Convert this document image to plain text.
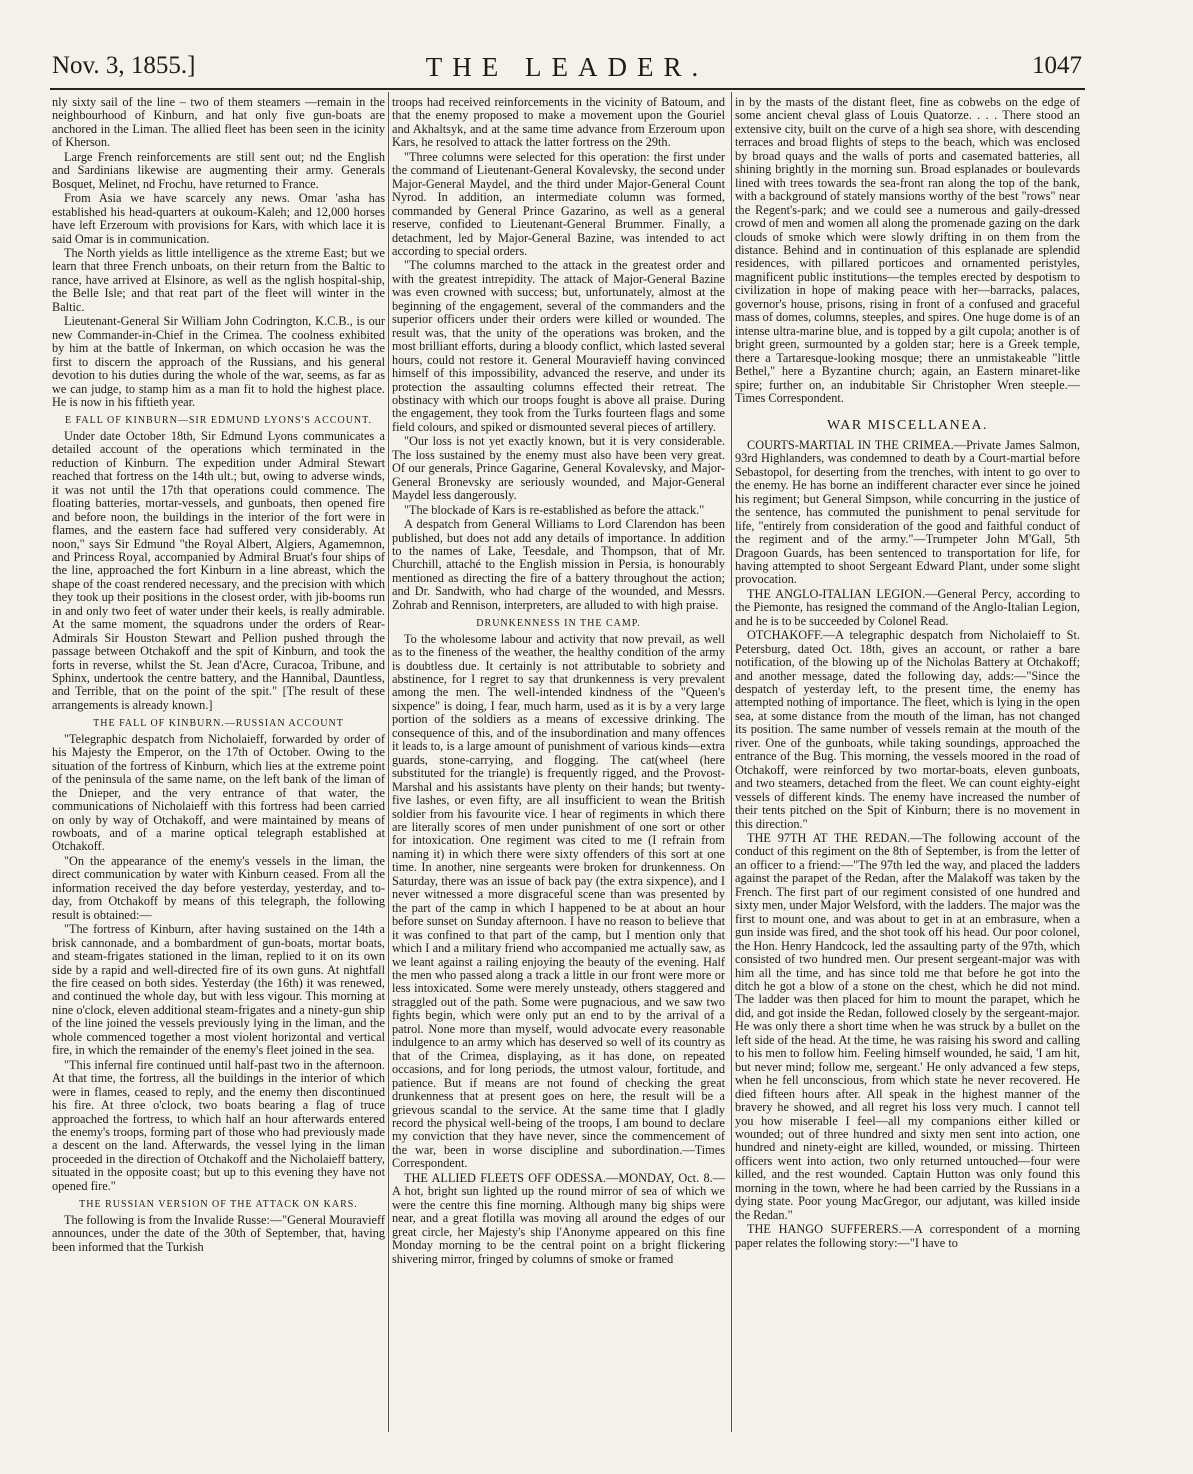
Nov. 3, 1855.]	THE LEADER.	1047

nly sixty sail of the line – two of them steamers —remain in the neighbourhood of Kinburn, and hat only five gun-boats are anchored in the Liman. The allied fleet has been seen in the icinity of Kherson.

Large French reinforcements are still sent out; nd the English and Sardinians likewise are augmenting their army. Generals Bosquet, Melinet, nd Frochu, have returned to France.

From Asia we have scarcely any news. Omar 'asha has established his head-quarters at oukoum-Kaleh; and 12,000 horses have left Erzeroum with provisions for Kars, with which lace it is said Omar is in communication.

The North yields as little intelligence as the xtreme East; but we learn that three French unboats, on their return from the Baltic to rance, have arrived at Elsinore, as well as the nglish hospital-ship, the Belle Isle; and that reat part of the fleet will winter in the Baltic.

Lieutenant-General Sir William John Codrington, K.C.B., is our new Commander-in-Chief in the Crimea. The coolness exhibited by him at the battle of Inkerman, on which occasion he was the first to discern the approach of the Russians, and his general devotion to his duties during the whole of the war, seems, as far as we can judge, to stamp him as a man fit to hold the highest place. He is now in his fiftieth year.

E FALL OF KINBURN—SIR EDMUND LYONS'S ACCOUNT.

Under date October 18th, Sir Edmund Lyons communicates a detailed account of the operations which terminated in the reduction of Kinburn. The expedition under Admiral Stewart reached that fortress on the 14th ult.; but, owing to adverse winds, it was not until the 17th that operations could commence. The floating batteries, mortar-vessels, and gunboats, then opened fire and before noon, the buildings in the interior of the fort were in flames, and the eastern face had suffered very considerably. At noon," says Sir Edmund "the Royal Albert, Algiers, Agamemnon, and Princess Royal, accompanied by Admiral Bruat's four ships of the line, approached the fort Kinburn in a line abreast, which the shape of the coast rendered necessary, and the precision with which they took up their positions in the closest order, with jib-booms run in and only two feet of water under their keels, is really admirable. At the same moment, the squadrons under the orders of Rear-Admirals Sir Houston Stewart and Pellion pushed through the passage between Otchakoff and the spit of Kinburn, and took the forts in reverse, whilst the St. Jean d'Acre, Curacoa, Tribune, and Sphinx, undertook the centre battery, and the Hannibal, Dauntless, and Terrible, that on the point of the spit." [The result of these arrangements is already known.]

THE FALL OF KINBURN.—RUSSIAN ACCOUNT

"Telegraphic despatch from Nicholaieff, forwarded by order of his Majesty the Emperor, on the 17th of October. Owing to the situation of the fortress of Kinburn, which lies at the extreme point of the peninsula of the same name, on the left bank of the liman of the Dnieper, and the very entrance of that water, the communications of Nicholaieff with this fortress had been carried on only by way of Otchakoff, and were maintained by means of rowboats, and of a marine optical telegraph established at Otchakoff.

"On the appearance of the enemy's vessels in the liman, the direct communication by water with Kinburn ceased. From all the information received the day before yesterday, yesterday, and to-day, from Otchakoff by means of this telegraph, the following result is obtained:—

"The fortress of Kinburn, after having sustained on the 14th a brisk cannonade, and a bombardment of gun-boats, mortar boats, and steam-frigates stationed in the liman, replied to it on its own side by a rapid and well-directed fire of its own guns. At nightfall the fire ceased on both sides. Yesterday (the 16th) it was renewed, and continued the whole day, but with less vigour. This morning at nine o'clock, eleven additional steam-frigates and a ninety-gun ship of the line joined the vessels previously lying in the liman, and the whole commenced together a most violent horizontal and vertical fire, in which the remainder of the enemy's fleet joined in the sea.

"This infernal fire continued until half-past two in the afternoon. At that time, the fortress, all the buildings in the interior of which were in flames, ceased to reply, and the enemy then discontinued his fire. At three o'clock, two boats bearing a flag of truce approached the fortress, to which half an hour afterwards entered the enemy's troops, forming part of those who had previously made a descent on the land. Afterwards, the vessel lying in the liman proceeded in the direction of Otchakoff and the Nicholaieff battery, situated in the opposite coast; but up to this evening they have not opened fire."

THE RUSSIAN VERSION OF THE ATTACK ON KARS.

The following is from the Invalide Russe:—"General Mouravieff announces, under the date of the 30th of September, that, having been informed that the Turkish

troops had received reinforcements in the vicinity of Batoum, and that the enemy proposed to make a movement upon the Gouriel and Akhaltsyk, and at the same time advance from Erzeroum upon Kars, he resolved to attack the latter fortress on the 29th.

"Three columns were selected for this operation: the first under the command of Lieutenant-General Kovalevsky, the second under Major-General Maydel, and the third under Major-General Count Nyrod. In addition, an intermediate column was formed, commanded by General Prince Gazarino, as well as a general reserve, confided to Lieutenant-General Brummer. Finally, a detachment, led by Major-General Bazine, was intended to act according to special orders.

"The columns marched to the attack in the greatest order and with the greatest intrepidity. The attack of Major-General Bazine was even crowned with success; but, unfortunately, almost at the beginning of the engagement, several of the commanders and the superior officers under their orders were killed or wounded. The result was, that the unity of the operations was broken, and the most brilliant efforts, during a bloody conflict, which lasted several hours, could not restore it. General Mouravieff having convinced himself of this impossibility, advanced the reserve, and under its protection the assaulting columns effected their retreat. The obstinacy with which our troops fought is above all praise. During the engagement, they took from the Turks fourteen flags and some field colours, and spiked or dismounted several pieces of artillery.

"Our loss is not yet exactly known, but it is very considerable. The loss sustained by the enemy must also have been very great. Of our generals, Prince Gagarine, General Kovalevsky, and Major-General Bronevsky are seriously wounded, and Major-General Maydel less dangerously.

"The blockade of Kars is re-established as before the attack."

A despatch from General Williams to Lord Clarendon has been published, but does not add any details of importance. In addition to the names of Lake, Teesdale, and Thompson, that of Mr. Churchill, attaché to the English mission in Persia, is honourably mentioned as directing the fire of a battery throughout the action; and Dr. Sandwith, who had charge of the wounded, and Messrs. Zohrab and Rennison, interpreters, are alluded to with high praise.

DRUNKENNESS IN THE CAMP.

To the wholesome labour and activity that now prevail, as well as to the fineness of the weather, the healthy condition of the army is doubtless due. It certainly is not attributable to sobriety and abstinence, for I regret to say that drunkenness is very prevalent among the men. The well-intended kindness of the "Queen's sixpence" is doing, I fear, much harm, used as it is by a very large portion of the soldiers as a means of excessive drinking. The consequence of this, and of the insubordination and many offences it leads to, is a large amount of punishment of various kinds—extra guards, stone-carrying, and flogging. The cat(wheel (here substituted for the triangle) is frequently rigged, and the Provost-Marshal and his assistants have plenty on their hands; but twenty-five lashes, or even fifty, are all insufficient to wean the British soldier from his favourite vice. I hear of regiments in which there are literally scores of men under punishment of one sort or other for intoxication. One regiment was cited to me (I refrain from naming it) in which there were sixty offenders of this sort at one time. In another, nine sergeants were broken for drunkenness. On Saturday, there was an issue of back pay (the extra sixpence), and I never witnessed a more disgraceful scene than was presented by the part of the camp in which I happened to be at about an hour before sunset on Sunday afternoon. I have no reason to believe that it was confined to that part of the camp, but I mention only that which I and a military friend who accompanied me actually saw, as we leant against a railing enjoying the beauty of the evening. Half the men who passed along a track a little in our front were more or less intoxicated. Some were merely unsteady, others staggered and straggled out of the path. Some were pugnacious, and we saw two fights begin, which were only put an end to by the arrival of a patrol. None more than myself, would advocate every reasonable indulgence to an army which has deserved so well of its country as that of the Crimea, displaying, as it has done, on repeated occasions, and for long periods, the utmost valour, fortitude, and patience. But if means are not found of checking the great drunkenness that at present goes on here, the result will be a grievous scandal to the service. At the same time that I gladly record the physical well-being of the troops, I am bound to declare my conviction that they have never, since the commencement of the war, been in worse discipline and subordination.—Times Correspondent.

THE ALLIED FLEETS OFF ODESSA.—MONDAY, Oct. 8.—A hot, bright sun lighted up the round mirror of sea of which we were the centre this fine morning. Although many big ships were near, and a great flotilla was moving all around the edges of our great circle, her Majesty's ship l'Anonyme appeared on this fine Monday morning to be the central point on a bright flickering shivering mirror, fringed by columns of smoke or framed

in by the masts of the distant fleet, fine as cobwebs on the edge of some ancient cheval glass of Louis Quatorze. . . . There stood an extensive city, built on the curve of a high sea shore, with descending terraces and broad flights of steps to the beach, which was enclosed by broad quays and the walls of ports and casemated batteries, all shining brightly in the morning sun. Broad esplanades or boulevards lined with trees towards the sea-front ran along the top of the bank, with a background of stately mansions worthy of the best "rows" near the Regent's-park; and we could see a numerous and gaily-dressed crowd of men and women all along the promenade gazing on the dark clouds of smoke which were slowly drifting in on them from the distance. Behind and in continuation of this esplanade are splendid residences, with pillared porticoes and ornamented peristyles, magnificent public institutions—the temples erected by despotism to civilization in hope of making peace with her—barracks, palaces, governor's house, prisons, rising in front of a confused and graceful mass of domes, columns, steeples, and spires. One huge dome is of an intense ultra-marine blue, and is topped by a gilt cupola; another is of bright green, surmounted by a golden star; here is a Greek temple, there a Tartaresque-looking mosque; there an unmistakeable "little Bethel," here a Byzantine church; again, an Eastern minaret-like spire; further on, an indubitable Sir Christopher Wren steeple.—Times Correspondent.

WAR MISCELLANEA.

COURTS-MARTIAL IN THE CRIMEA.—Private James Salmon, 93rd Highlanders, was condemned to death by a Court-martial before Sebastopol, for deserting from the trenches, with intent to go over to the enemy. He has borne an indifferent character ever since he joined his regiment; but General Simpson, while concurring in the justice of the sentence, has commuted the punishment to penal servitude for life, "entirely from consideration of the good and faithful conduct of the regiment and of the army."—Trumpeter John M'Gall, 5th Dragoon Guards, has been sentenced to transportation for life, for having attempted to shoot Sergeant Edward Plant, under some slight provocation.

THE ANGLO-ITALIAN LEGION.—General Percy, according to the Piemonte, has resigned the command of the Anglo-Italian Legion, and he is to be succeeded by Colonel Read.

OTCHAKOFF.—A telegraphic despatch from Nicholaieff to St. Petersburg, dated Oct. 18th, gives an account, or rather a bare notification, of the blowing up of the Nicholas Battery at Otchakoff; and another message, dated the following day, adds:—"Since the despatch of yesterday left, to the present time, the enemy has attempted nothing of importance. The fleet, which is lying in the open sea, at some distance from the mouth of the liman, has not changed its position. The same number of vessels remain at the mouth of the river. One of the gunboats, while taking soundings, approached the entrance of the Bug. This morning, the vessels moored in the road of Otchakoff, were reinforced by two mortar-boats, eleven gunboats, and two steamers, detached from the fleet. We can count eighty-eight vessels of different kinds. The enemy have increased the number of their tents pitched on the Spit of Kinburn; there is no movement in this direction."

THE 97TH AT THE REDAN.—The following account of the conduct of this regiment on the 8th of September, is from the letter of an officer to a friend:—"The 97th led the way, and placed the ladders against the parapet of the Redan, after the Malakoff was taken by the French. The first part of our regiment consisted of one hundred and sixty men, under Major Welsford, with the ladders. The major was the first to mount one, and was about to get in at an embrasure, when a gun inside was fired, and the shot took off his head. Our poor colonel, the Hon. Henry Handcock, led the assaulting party of the 97th, which consisted of two hundred men. Our present sergeant-major was with him all the time, and has since told me that before he got into the ditch he got a blow of a stone on the chest, which he did not mind. The ladder was then placed for him to mount the parapet, which he did, and got inside the Redan, followed closely by the sergeant-major. He was only there a short time when he was struck by a bullet on the left side of the head. At the time, he was raising his sword and calling to his men to follow him. Feeling himself wounded, he said, 'I am hit, but never mind; follow me, sergeant.' He only advanced a few steps, when he fell unconscious, from which state he never recovered. He died fifteen hours after. All speak in the highest manner of the bravery he showed, and all regret his loss very much. I cannot tell you how miserable I feel—all my companions either killed or wounded; out of three hundred and sixty men sent into action, one hundred and ninety-eight are killed, wounded, or missing. Thirteen officers went into action, two only returned untouched—four were killed, and the rest wounded. Captain Hutton was only found this morning in the town, where he had been carried by the Russians in a dying state. Poor young MacGregor, our adjutant, was killed inside the Redan."

THE HANGO SUFFERERS.—A correspondent of a morning paper relates the following story:—"I have to
